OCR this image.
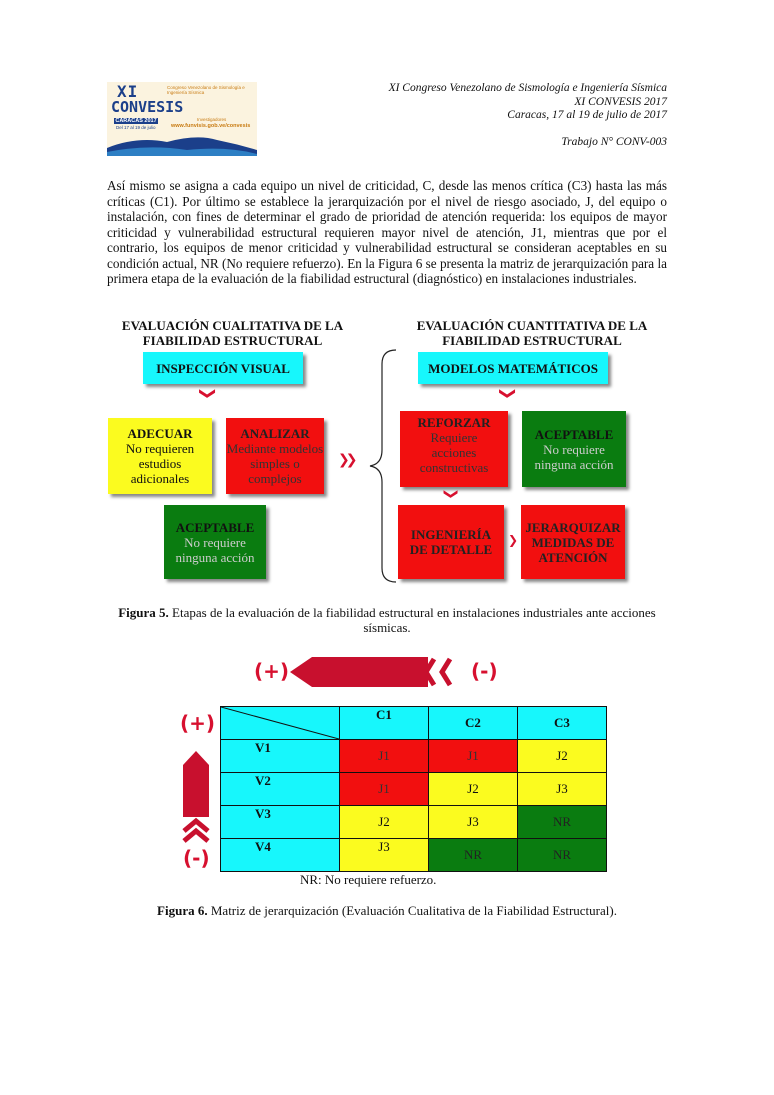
XI
CONVESIS
Congreso Venezolano de Sismología e Ingeniería Sísmica
CARACAS 2017
Del 17 al 19 de julio
Investigadores
www.funvisis.gob.ve/convesis
XI Congreso Venezolano de Sismología e Ingeniería Sísmica
XI CONVESIS 2017
Caracas, 17 al 19 de julio de 2017
Trabajo N° CONV-003
Así mismo se asigna a cada equipo un nivel de criticidad, C, desde las menos crítica (C3) hasta las más críticas (C1). Por último se establece la jerarquización por el nivel de riesgo asociado, J, del equipo o instalación, con fines de determinar el grado de prioridad de atención requerida: los equipos de mayor criticidad y vulnerabilidad estructural requieren mayor nivel de atención, J1, mientras que por el contrario, los equipos de menor criticidad y vulnerabilidad estructural se consideran aceptables en su condición actual, NR (No requiere refuerzo). En la Figura 6 se presenta la matriz de jerarquización para la primera etapa de la evaluación de la fiabilidad estructural (diagnóstico) en instalaciones industriales.
EVALUACIÓN CUALITATIVA DE LA FIABILIDAD ESTRUCTURAL
EVALUACIÓN CUANTITATIVA DE LA FIABILIDAD ESTRUCTURAL
INSPECCIÓN VISUAL	MODELOS MATEMÁTICOS
❯	❯
ADECUAR
No requieren estudios adicionales
ANALIZAR
Mediante modelos simples o complejos
❯❯
ACEPTABLE
No requiere ninguna acción
REFORZAR
Requiere acciones constructivas
ACEPTABLE
No requiere ninguna acción
❯
INGENIERÍA DE DETALLE
❯
JERARQUIZAR MEDIDAS DE ATENCIÓN
Figura 5. Etapas de la evaluación de la fiabilidad estructural en instalaciones industriales ante acciones sísmicas.
(+)	(-)
(+)
(-)
	C1	C2	C3
V1	J1	J1	J2
V2	J1	J2	J3
V3	J2	J3	NR
V4	J3	NR	NR
NR: No requiere refuerzo.
Figura 6. Matriz de jerarquización (Evaluación Cualitativa de la Fiabilidad Estructural).
